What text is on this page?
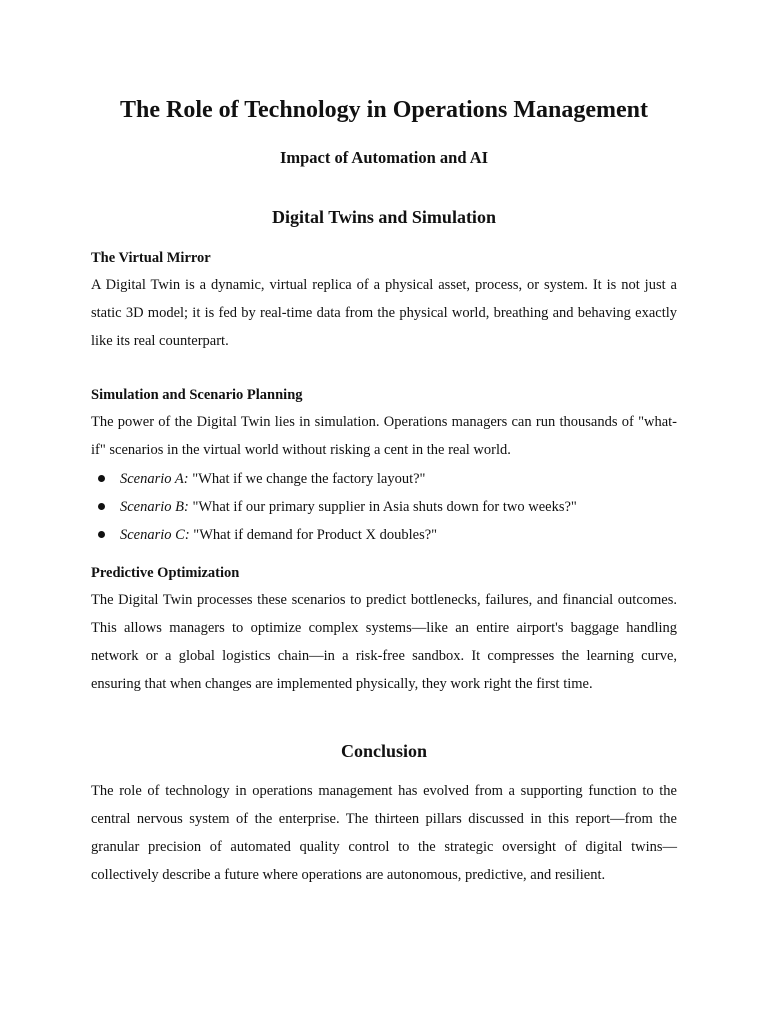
The Role of Technology in Operations Management
Impact of Automation and AI
Digital Twins and Simulation
The Virtual Mirror

A Digital Twin is a dynamic, virtual replica of a physical asset, process, or system. It is not just a static 3D model; it is fed by real-time data from the physical world, breathing and behaving exactly like its real counterpart.

Simulation and Scenario Planning

The power of the Digital Twin lies in simulation. Operations managers can run thousands of "what-if" scenarios in the virtual world without risking a cent in the real world.

Scenario A: "What if we change the factory layout?"
Scenario B: "What if our primary supplier in Asia shuts down for two weeks?"
Scenario C: "What if demand for Product X doubles?"
Predictive Optimization

The Digital Twin processes these scenarios to predict bottlenecks, failures, and financial outcomes. This allows managers to optimize complex systems—like an entire airport's baggage handling network or a global logistics chain—in a risk-free sandbox. It compresses the learning curve, ensuring that when changes are implemented physically, they work right the first time.

Conclusion

The role of technology in operations management has evolved from a supporting function to the central nervous system of the enterprise. The thirteen pillars discussed in this report—from the granular precision of automated quality control to the strategic oversight of digital twins—collectively describe a future where operations are autonomous, predictive, and resilient.
